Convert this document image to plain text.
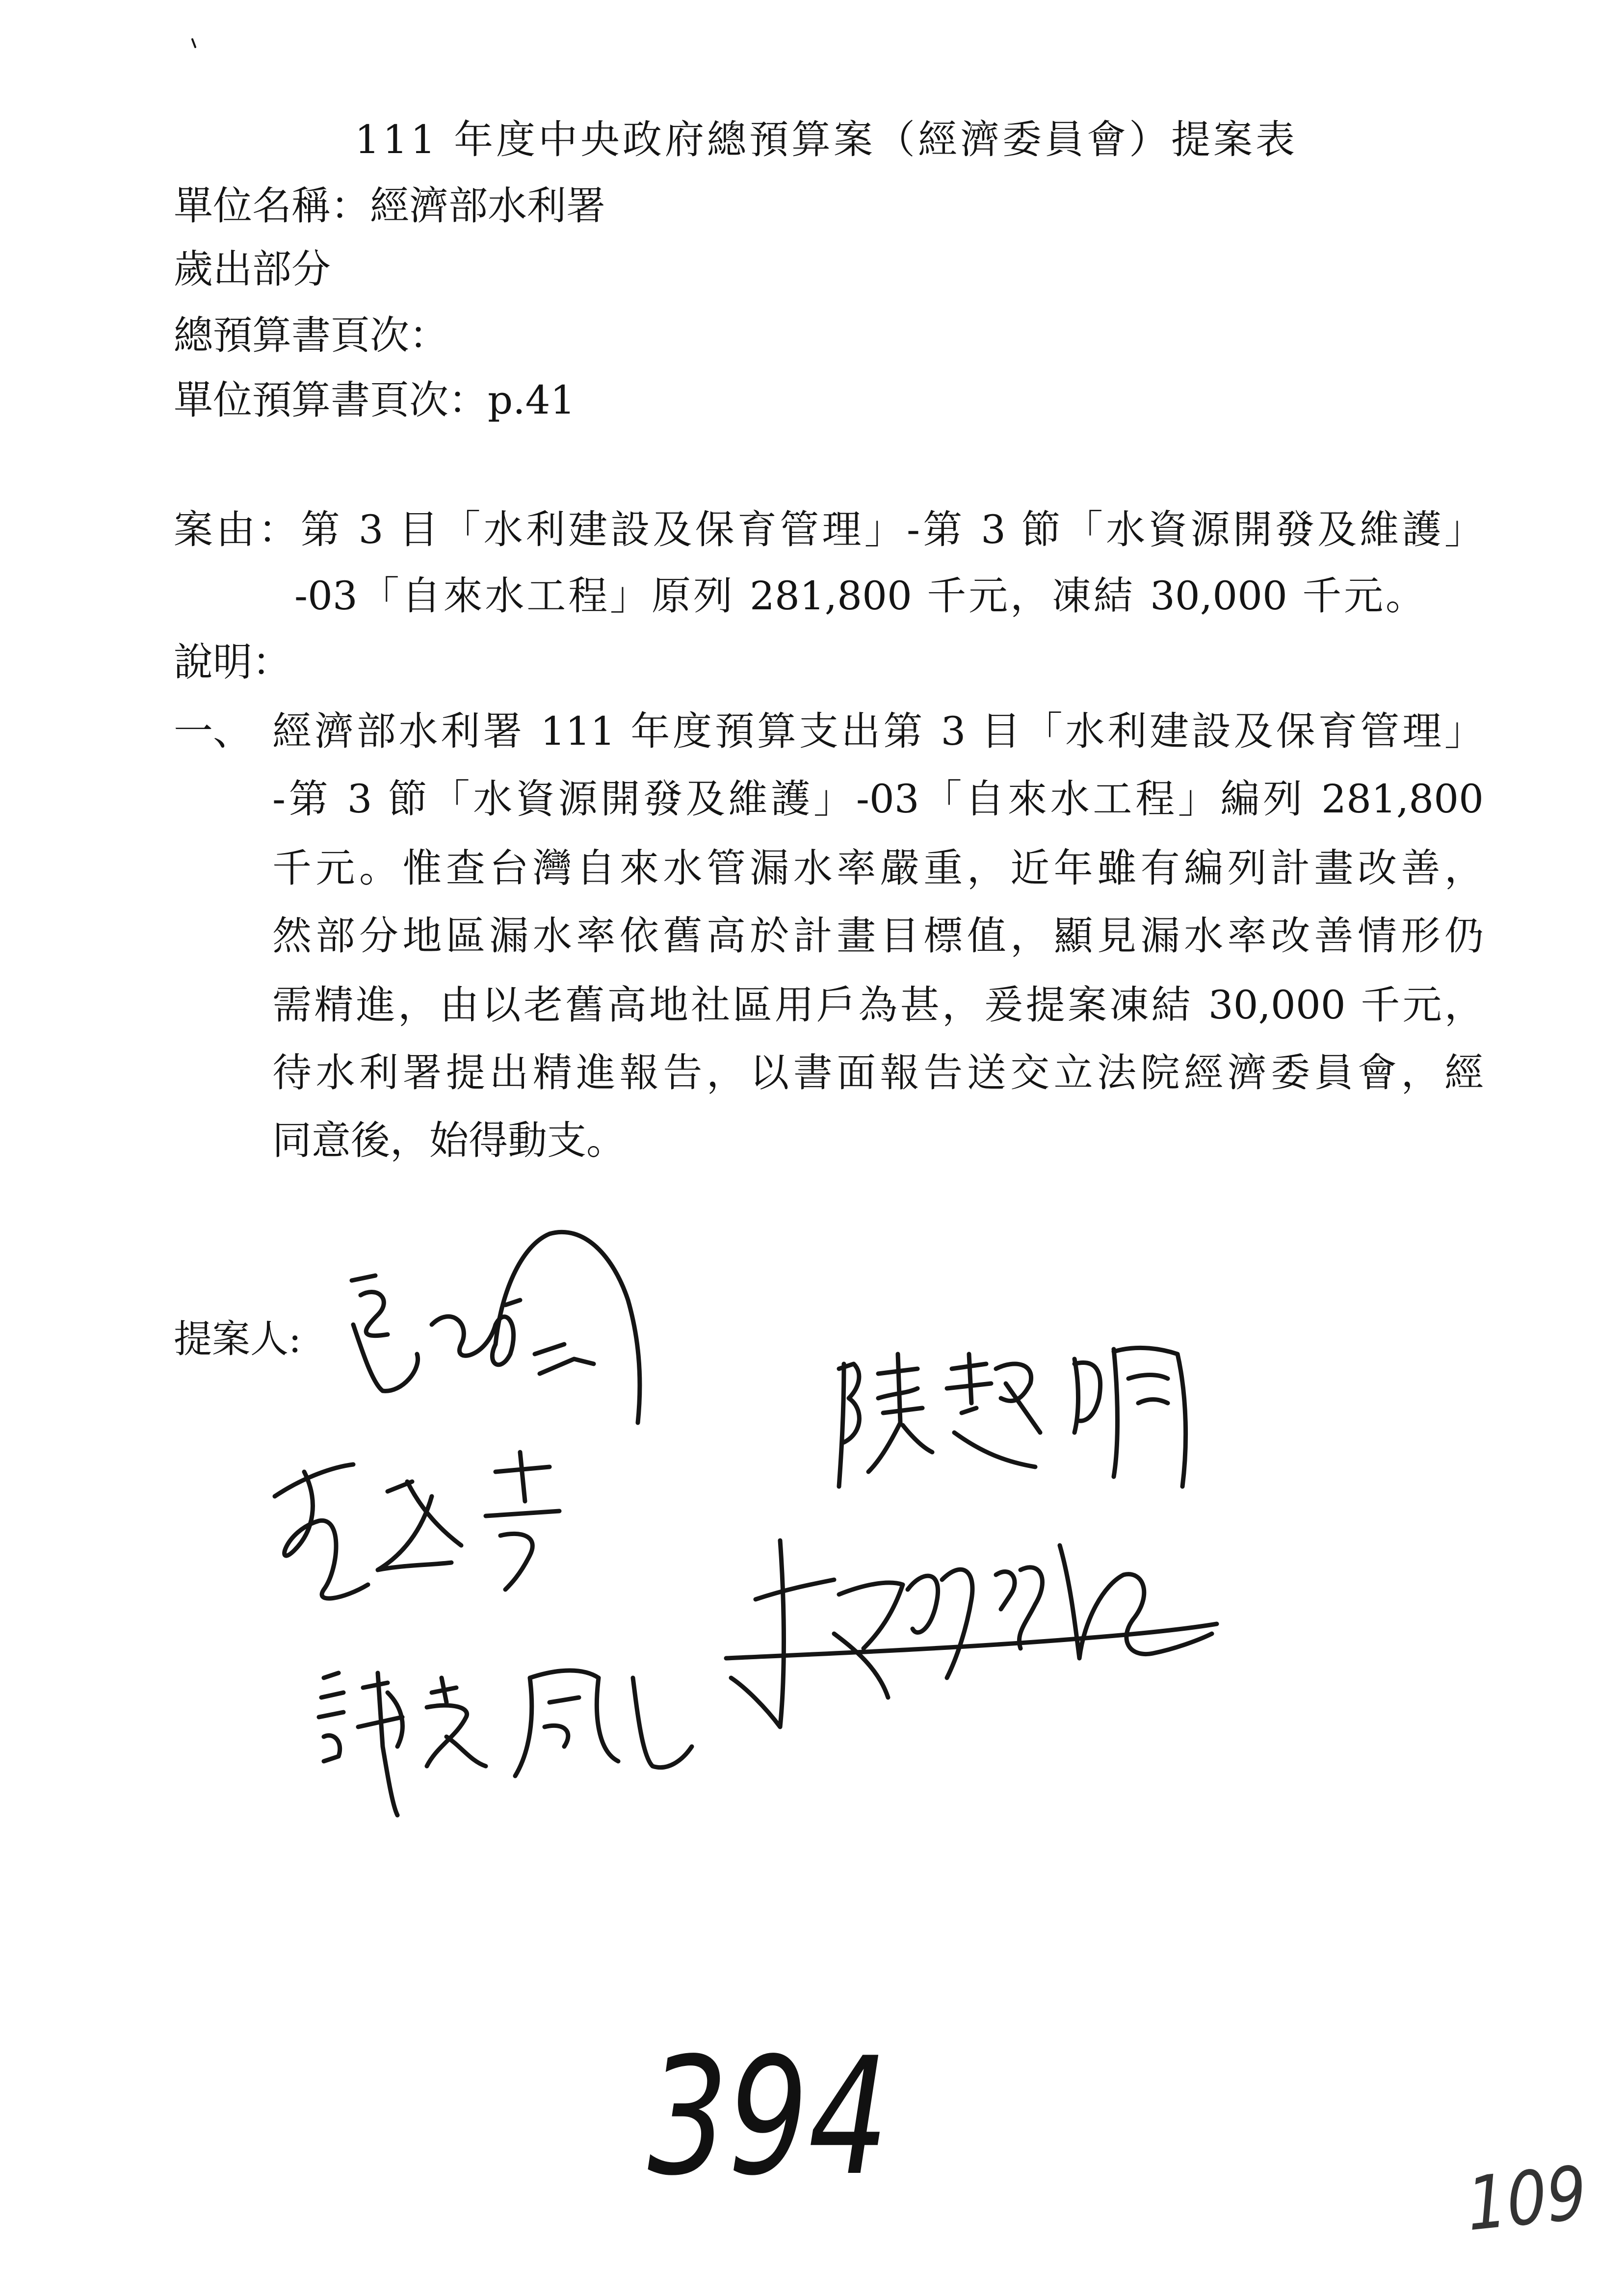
111 年度中央政府總預算案（經濟委員會）提案表
單位名稱：經濟部水利署
歲出部分
總預算書頁次：
單位預算書頁次：p.41
案由：第 3 目「水利建設及保育管理」-第 3 節「水資源開發及維護」
-03「自來水工程」原列 281,800 千元，凍結 30,000 千元。
說明：
一、 經濟部水利署 111 年度預算支出第 3 目「水利建設及保育管理」
-第 3 節「水資源開發及維護」-03「自來水工程」編列 281,800
千元。惟查台灣自來水管漏水率嚴重，近年雖有編列計畫改善，
然部分地區漏水率依舊高於計畫目標值，顯見漏水率改善情形仍
需精進，由以老舊高地社區用戶為甚，爰提案凍結 30,000 千元，
待水利署提出精進報告，以書面報告送交立法院經濟委員會，經
同意後，始得動支。
提案人:
394	109
